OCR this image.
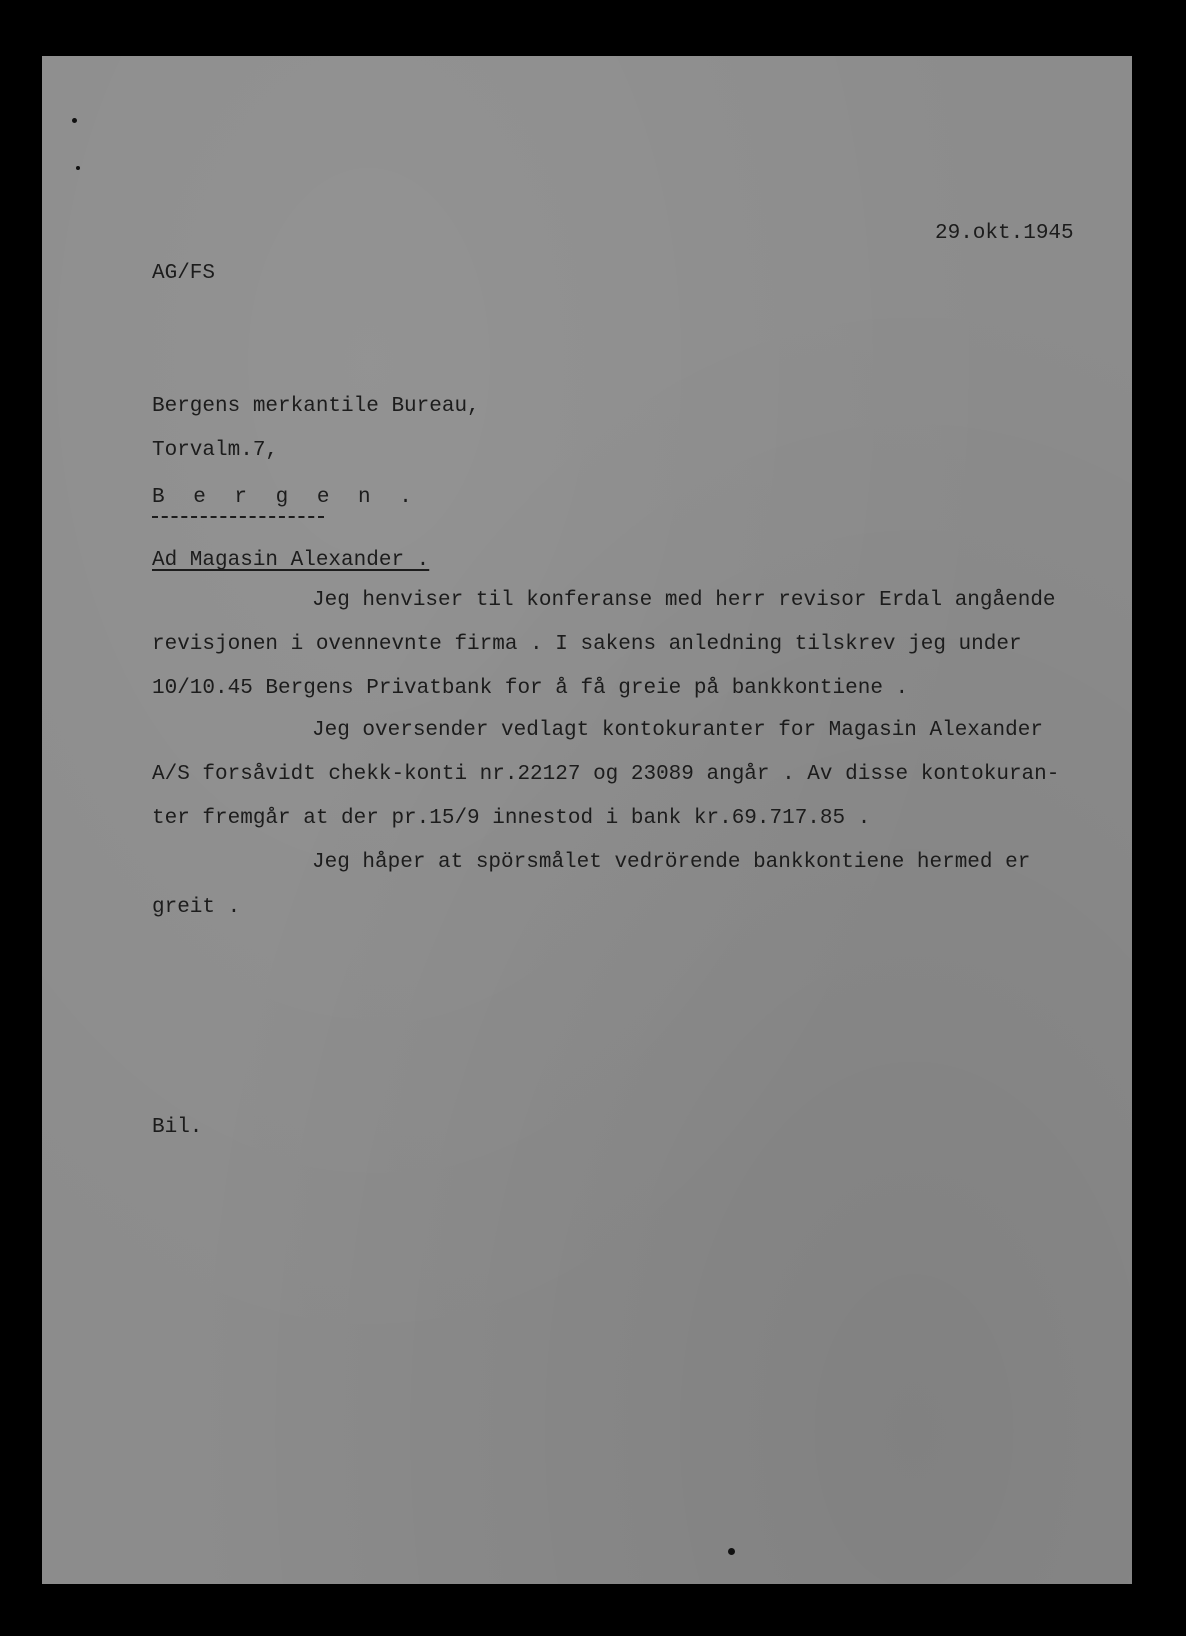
29.okt.1945
AG/FS
Bergens merkantile Bureau,
Torvalm.7,
B e r g e n .
Ad Magasin Alexander .
Jeg henviser til konferanse med herr revisor Erdal angående
revisjonen i ovennevnte firma . I sakens anledning tilskrev jeg under
10/10.45 Bergens Privatbank for å få greie på bankkontiene .
Jeg oversender vedlagt kontokuranter for Magasin Alexander
A/S forsåvidt chekk-konti nr.22127 og 23089 angår . Av disse kontokuran-
ter fremgår at der pr.15/9 innestod i bank kr.69.717.85 .
Jeg håper at spörsmålet vedrörende bankkontiene hermed er
greit .
Bil.
